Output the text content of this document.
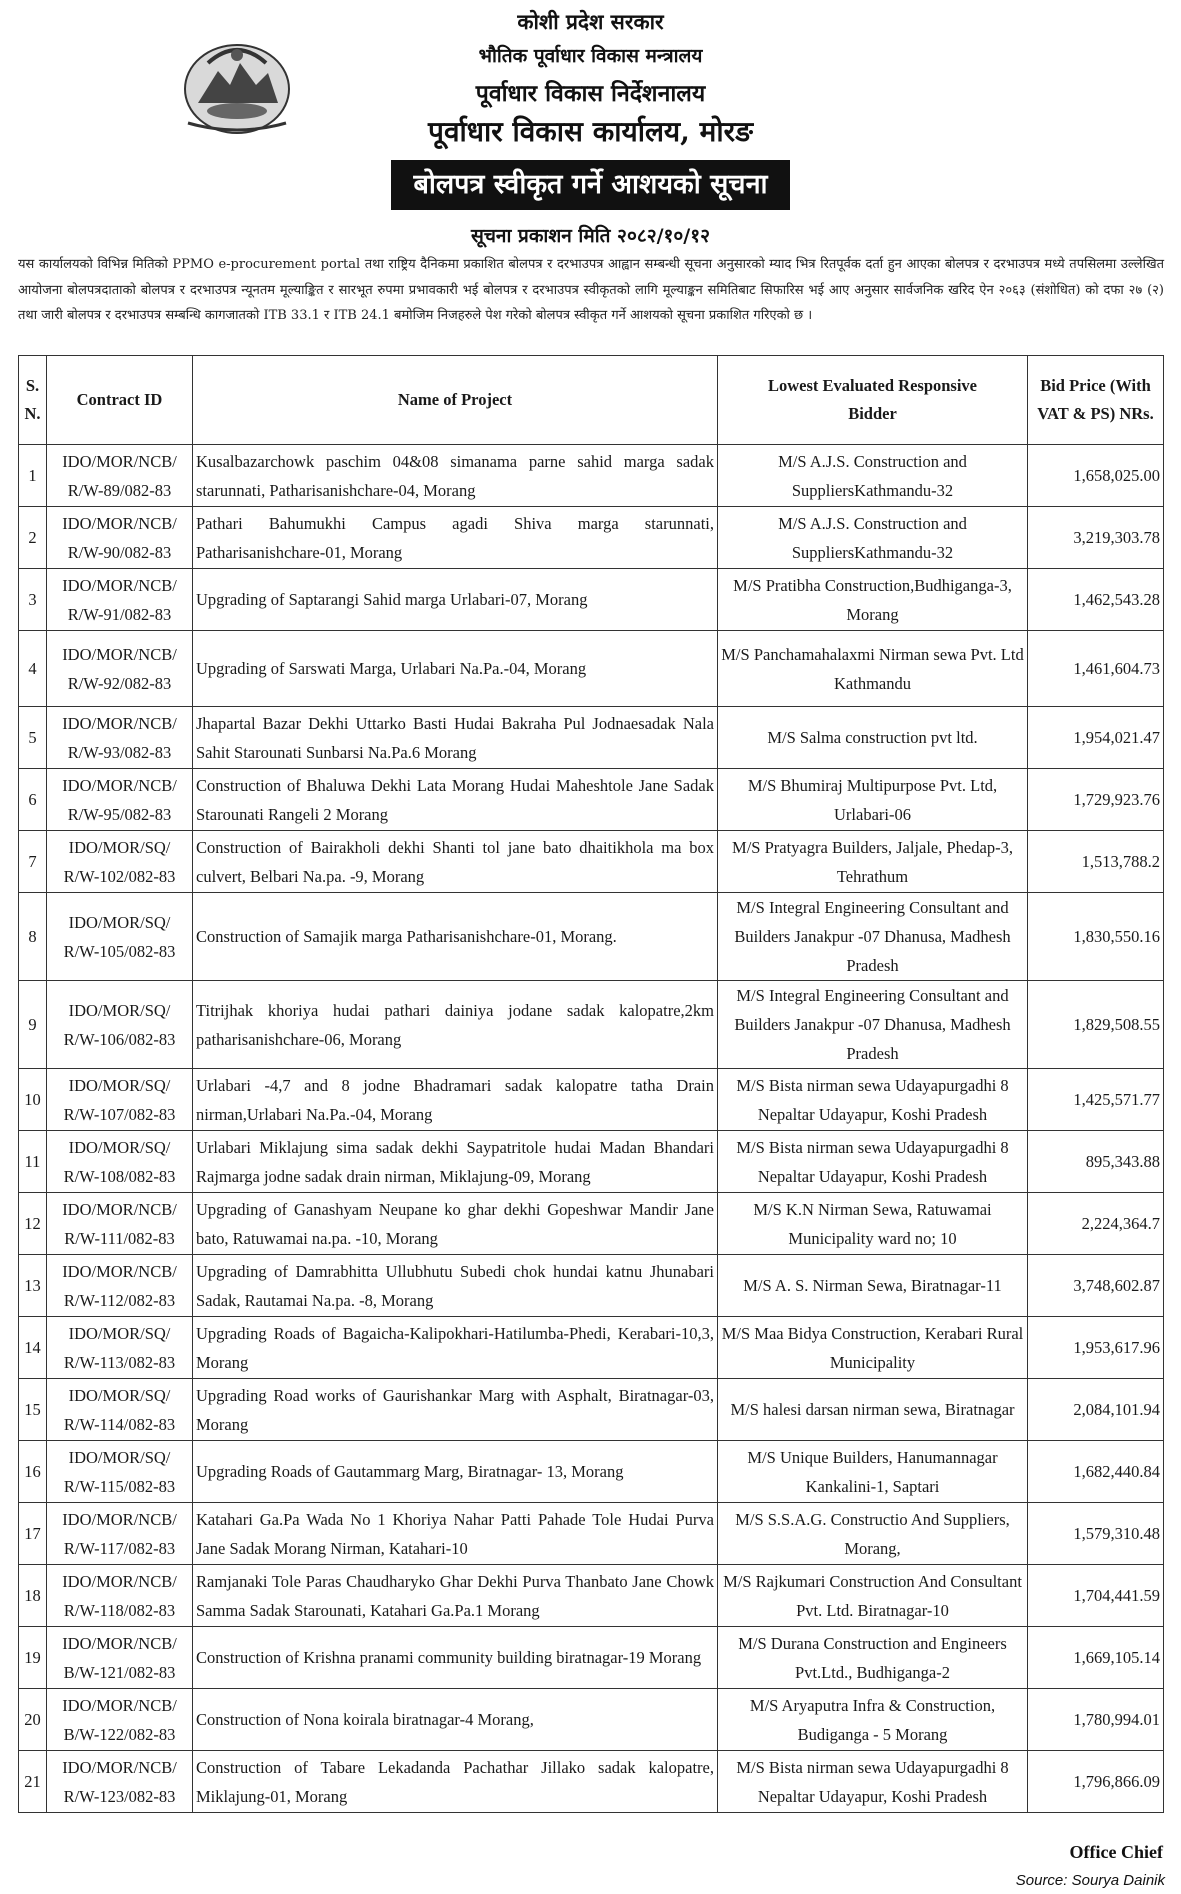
कोशी प्रदेश सरकार
भौतिक पूर्वाधार विकास मन्त्रालय
पूर्वाधार विकास निर्देशनालय
पूर्वाधार विकास कार्यालय, मोरङ
बोलपत्र स्वीकृत गर्ने आशयको सूचना
सूचना प्रकाशन मिति २०८२/१०/१२
यस कार्यालयको विभिन्न मितिको PPMO e-procurement portal तथा राष्ट्रिय दैनिकमा प्रकाशित बोलपत्र र दरभाउपत्र आह्वान सम्बन्धी सूचना अनुसारको म्याद भित्र रितपूर्वक दर्ता हुन आएका बोलपत्र र दरभाउपत्र मध्ये तपसिलमा उल्लेखित आयोजना बोलपत्रदाताको बोलपत्र र दरभाउपत्र न्यूनतम मूल्याङ्कित र सारभूत रुपमा प्रभावकारी भई बोलपत्र र दरभाउपत्र स्वीकृतको लागि मूल्याङ्कन समितिबाट सिफारिस भई आए अनुसार सार्वजनिक खरिद ऐन २०६३ (संशोधित) को दफा २७ (२) तथा जारी बोलपत्र र दरभाउपत्र सम्बन्धि कागजातको ITB 33.1 र ITB 24.1 बमोजिम निजहरुले पेश गरेको बोलपत्र स्वीकृत गर्ने आशयको सूचना प्रकाशित गरिएको छ ।
S. N.	Contract ID	Name of Project	Lowest Evaluated Responsive Bidder	Bid Price (With VAT & PS) NRs.
1	IDO/MOR/NCB/ R/W-89/082-83	Kusalbazarchowk paschim 04&08 simanama parne sahid marga sadak starunnati, Patharisanishchare-04, Morang	M/S A.J.S. Construction and SuppliersKathmandu-32	1,658,025.00
2	IDO/MOR/NCB/ R/W-90/082-83	Pathari Bahumukhi Campus agadi Shiva marga starunnati, Patharisanishchare-01, Morang	M/S A.J.S. Construction and SuppliersKathmandu-32	3,219,303.78
3	IDO/MOR/NCB/ R/W-91/082-83	Upgrading of Saptarangi Sahid marga Urlabari-07, Morang	M/S Pratibha Construction,Budhiganga-3, Morang	1,462,543.28
4	IDO/MOR/NCB/ R/W-92/082-83	Upgrading of Sarswati Marga, Urlabari Na.Pa.-04, Morang	M/S Panchamahalaxmi Nirman sewa Pvt. Ltd Kathmandu	1,461,604.73
5	IDO/MOR/NCB/ R/W-93/082-83	Jhapartal Bazar Dekhi Uttarko Basti Hudai Bakraha Pul Jodnaesadak Nala Sahit Starounati Sunbarsi Na.Pa.6 Morang	M/S Salma construction pvt ltd.	1,954,021.47
6	IDO/MOR/NCB/ R/W-95/082-83	Construction of Bhaluwa Dekhi Lata Morang Hudai Maheshtole Jane Sadak Starounati Rangeli 2 Morang	M/S Bhumiraj Multipurpose Pvt. Ltd, Urlabari-06	1,729,923.76
7	IDO/MOR/SQ/ R/W-102/082-83	Construction of Bairakholi dekhi Shanti tol jane bato dhaitikhola ma box culvert, Belbari Na.pa. -9, Morang	M/S Pratyagra Builders, Jaljale, Phedap-3, Tehrathum	1,513,788.2
8	IDO/MOR/SQ/ R/W-105/082-83	Construction of Samajik marga Patharisanishchare-01, Morang.	M/S Integral Engineering Consultant and Builders Janakpur -07 Dhanusa, Madhesh Pradesh	1,830,550.16
9	IDO/MOR/SQ/ R/W-106/082-83	Titrijhak khoriya hudai pathari dainiya jodane sadak kalopatre,2km patharisanishchare-06, Morang	M/S Integral Engineering Consultant and Builders Janakpur -07 Dhanusa, Madhesh Pradesh	1,829,508.55
10	IDO/MOR/SQ/ R/W-107/082-83	Urlabari -4,7 and 8 jodne Bhadramari sadak kalopatre tatha Drain nirman,Urlabari Na.Pa.-04, Morang	M/S Bista nirman sewa Udayapurgadhi 8 Nepaltar Udayapur, Koshi Pradesh	1,425,571.77
11	IDO/MOR/SQ/ R/W-108/082-83	Urlabari Miklajung sima sadak dekhi Saypatritole hudai Madan Bhandari Rajmarga jodne sadak drain nirman, Miklajung-09, Morang	M/S Bista nirman sewa Udayapurgadhi 8 Nepaltar Udayapur, Koshi Pradesh	895,343.88
12	IDO/MOR/NCB/ R/W-111/082-83	Upgrading of Ganashyam Neupane ko ghar dekhi Gopeshwar Mandir Jane bato, Ratuwamai na.pa. -10, Morang	M/S K.N Nirman Sewa, Ratuwamai Municipality ward no; 10	2,224,364.7
13	IDO/MOR/NCB/ R/W-112/082-83	Upgrading of Damrabhitta Ullubhutu Subedi chok hundai katnu Jhunabari Sadak, Rautamai Na.pa. -8, Morang	M/S A. S. Nirman Sewa, Biratnagar-11	3,748,602.87
14	IDO/MOR/SQ/ R/W-113/082-83	Upgrading Roads of Bagaicha-Kalipokhari-Hatilumba-Phedi, Kerabari-10,3, Morang	M/S Maa Bidya Construction, Kerabari Rural Municipality	1,953,617.96
15	IDO/MOR/SQ/ R/W-114/082-83	Upgrading Road works of Gaurishankar Marg with Asphalt, Biratnagar-03, Morang	M/S halesi darsan nirman sewa, Biratnagar	2,084,101.94
16	IDO/MOR/SQ/ R/W-115/082-83	Upgrading Roads of Gautammarg Marg, Biratnagar- 13, Morang	M/S Unique Builders, Hanumannagar Kankalini-1, Saptari	1,682,440.84
17	IDO/MOR/NCB/ R/W-117/082-83	Katahari Ga.Pa Wada No 1 Khoriya Nahar Patti Pahade Tole Hudai Purva Jane Sadak Morang Nirman, Katahari-10	M/S S.S.A.G. Constructio And Suppliers, Morang,	1,579,310.48
18	IDO/MOR/NCB/ R/W-118/082-83	Ramjanaki Tole Paras Chaudharyko Ghar Dekhi Purva Thanbato Jane Chowk Samma Sadak Starounati, Katahari Ga.Pa.1 Morang	M/S Rajkumari Construction And Consultant Pvt. Ltd. Biratnagar-10	1,704,441.59
19	IDO/MOR/NCB/ B/W-121/082-83	Construction of Krishna pranami community building biratnagar-19 Morang	M/S Durana Construction and Engineers Pvt.Ltd., Budhiganga-2	1,669,105.14
20	IDO/MOR/NCB/ B/W-122/082-83	Construction of Nona koirala biratnagar-4 Morang,	M/S Aryaputra Infra & Construction, Budiganga - 5 Morang	1,780,994.01
21	IDO/MOR/NCB/ R/W-123/082-83	Construction of Tabare Lekadanda Pachathar Jillako sadak kalopatre, Miklajung-01, Morang	M/S Bista nirman sewa Udayapurgadhi 8 Nepaltar Udayapur, Koshi Pradesh	1,796,866.09
Office Chief
Source: Sourya Dainik
